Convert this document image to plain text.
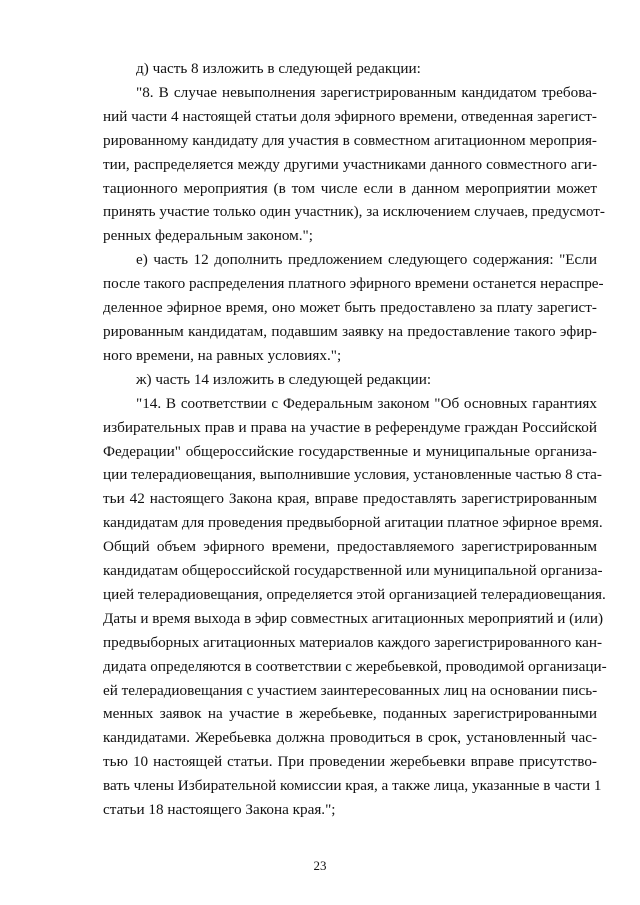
д) часть 8 изложить в следующей редакции:

"8. В случае невыполнения зарегистрированным кандидатом требова-
ний части 4 настоящей статьи доля эфирного времени, отведенная зарегист-
рированному кандидату для участия в совместном агитационном мероприя-
тии, распределяется между другими участниками данного совместного аги-
тационного мероприятия (в том числе если в данном мероприятии может
принять участие только один участник), за исключением случаев, предусмот-
ренных федеральным законом.";

е) часть 12 дополнить предложением следующего содержания: "Если
после такого распределения платного эфирного времени останется нераспре-
деленное эфирное время, оно может быть предоставлено за плату зарегист-
рированным кандидатам, подавшим заявку на предоставление такого эфир-
ного времени, на равных условиях.";

ж) часть 14 изложить в следующей редакции:

"14. В соответствии с Федеральным законом "Об основных гарантиях
избирательных прав и права на участие в референдуме граждан Российской
Федерации" общероссийские государственные и муниципальные организа-
ции телерадиовещания, выполнившие условия, установленные частью 8 ста-
тьи 42 настоящего Закона края, вправе предоставлять зарегистрированным
кандидатам для проведения предвыборной агитации платное эфирное время.
Общий объем эфирного времени, предоставляемого зарегистрированным
кандидатам общероссийской государственной или муниципальной организа-
цией телерадиовещания, определяется этой организацией телерадиовещания.
Даты и время выхода в эфир совместных агитационных мероприятий и (или)
предвыборных агитационных материалов каждого зарегистрированного кан-
дидата определяются в соответствии с жеребьевкой, проводимой организаци-
ей телерадиовещания с участием заинтересованных лиц на основании пись-
менных заявок на участие в жеребьевке, поданных зарегистрированными
кандидатами. Жеребьевка должна проводиться в срок, установленный час-
тью 10 настоящей статьи. При проведении жеребьевки вправе присутство-
вать члены Избирательной комиссии края, а также лица, указанные в части 1
статьи 18 настоящего Закона края.";

23
